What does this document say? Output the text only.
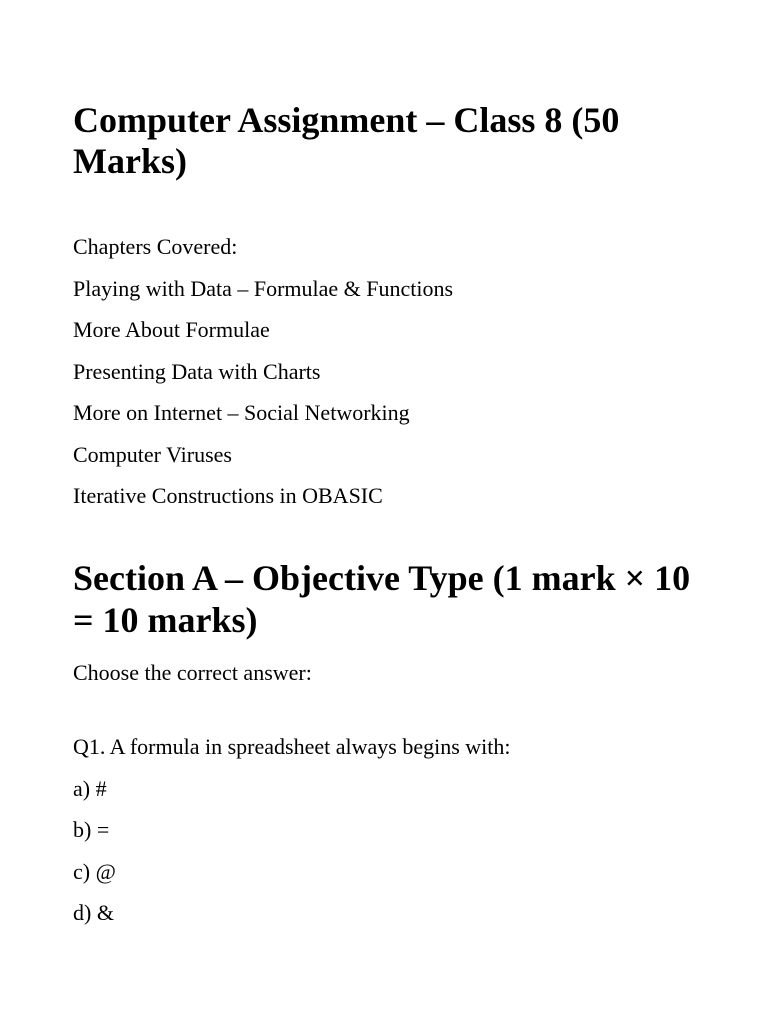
Computer Assignment – Class 8 (50 Marks)

Chapters Covered:

Playing with Data – Formulae & Functions

More About Formulae

Presenting Data with Charts

More on Internet – Social Networking

Computer Viruses

Iterative Constructions in OBASIC

Section A – Objective Type (1 mark × 10 = 10 marks)

Choose the correct answer:

Q1. A formula in spreadsheet always begins with:

a) #

b) =

c) @

d) &
